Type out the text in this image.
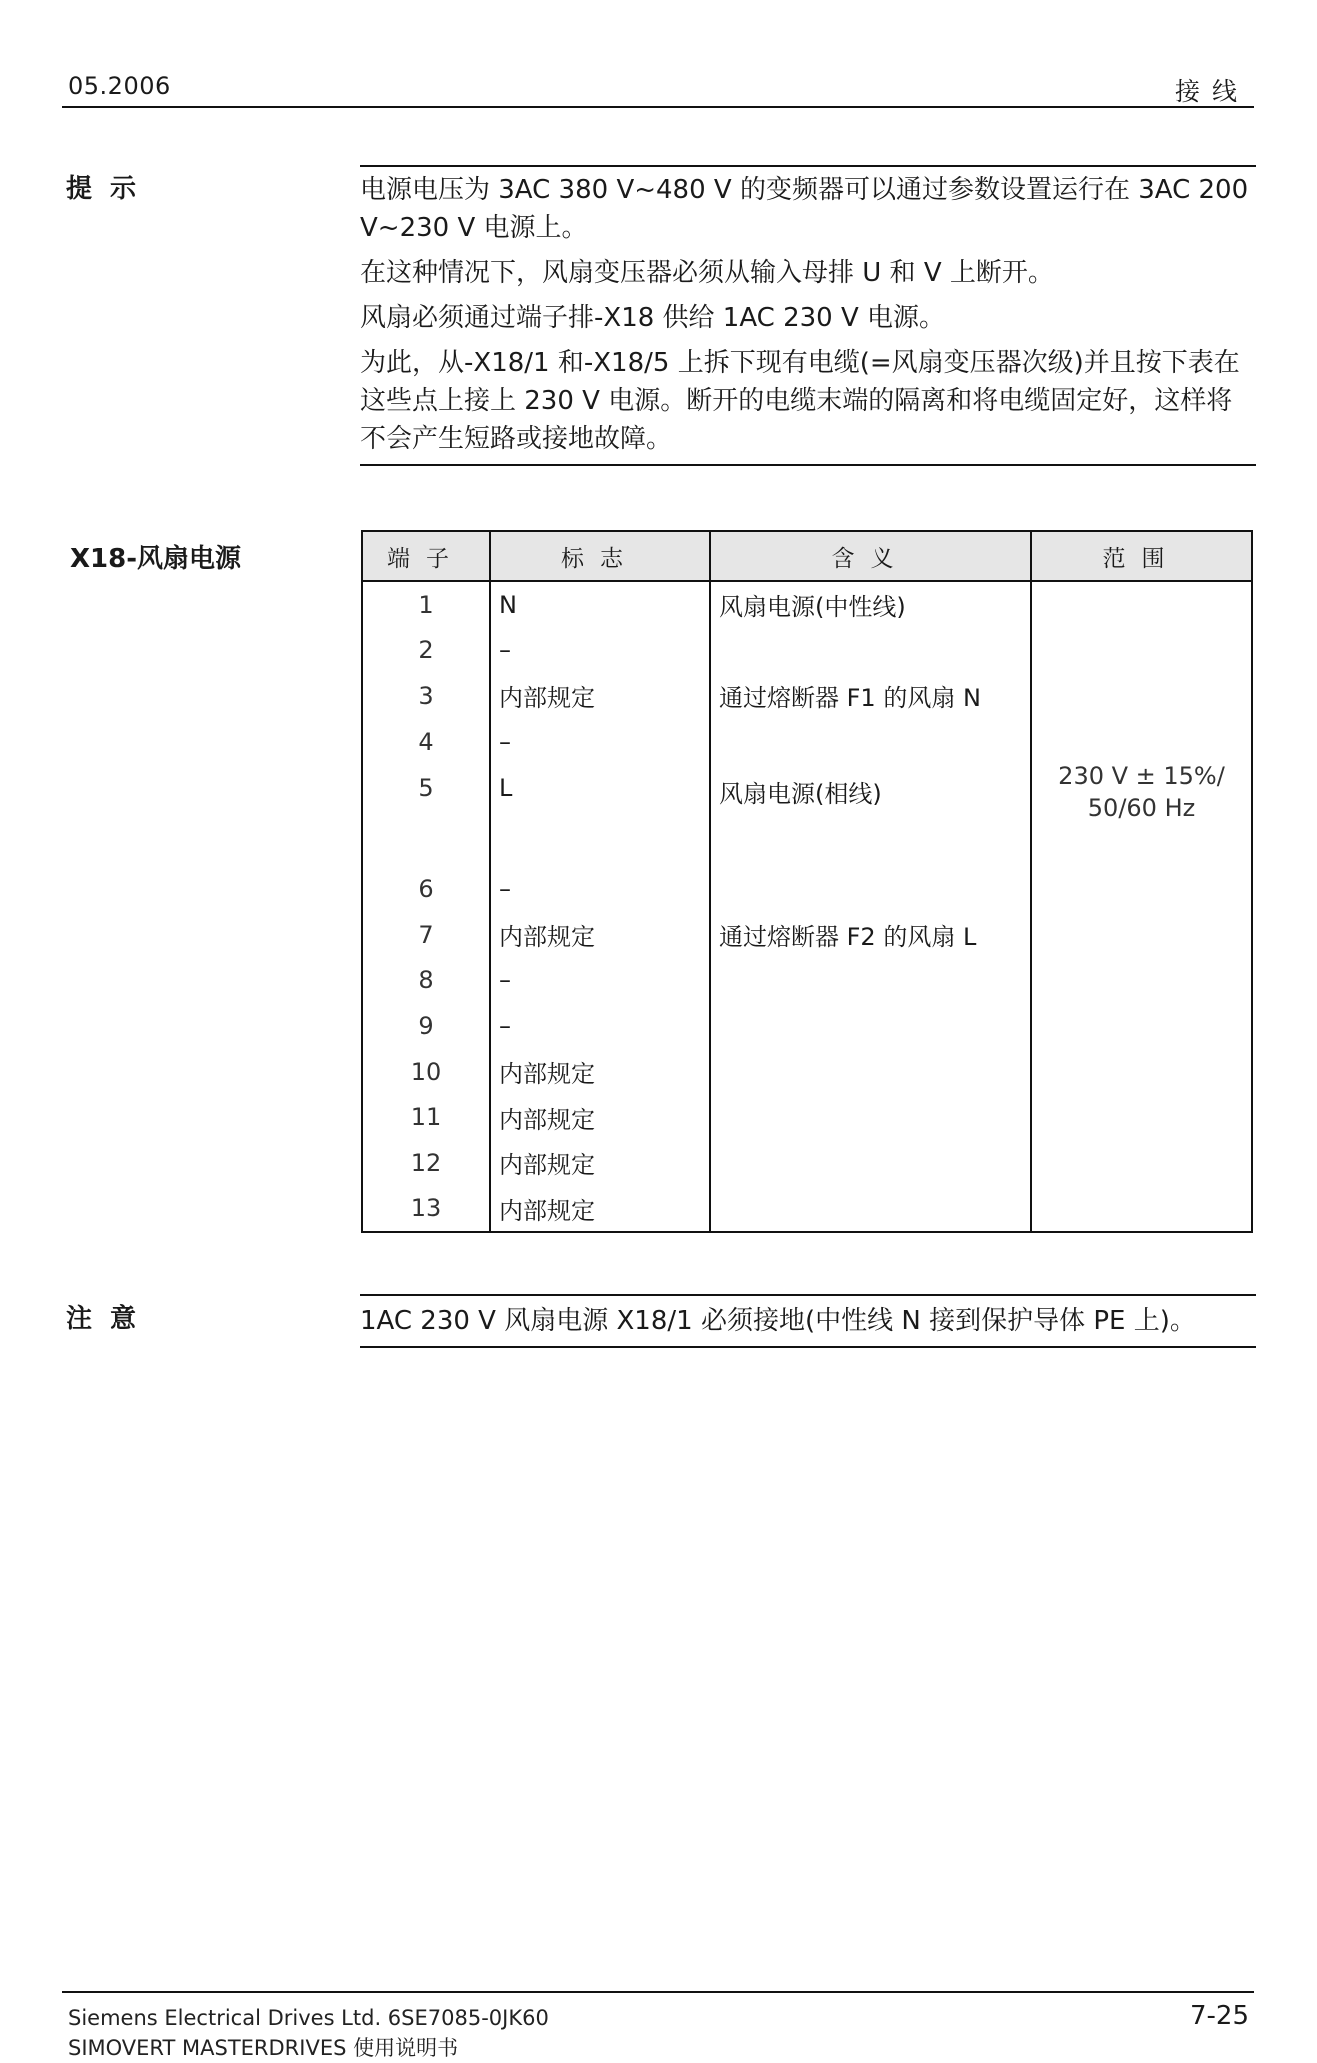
05.2006	接线
提示	电源电压为 3AC 380 V~480 V 的变频器可以通过参数设置运行在 3AC 200 V~230 V 电源上。

在这种情况下，风扇变压器必须从输入母排 U 和 V 上断开。

风扇必须通过端子排-X18 供给 1AC 230 V 电源。

为此，从-X18/1 和-X18/5 上拆下现有电缆(=风扇变压器次级)并且按下表在这些点上接上 230 V 电源。断开的电缆末端的隔离和将电缆固定好，这样将不会产生短路或接地故障。

X18-风扇电源	端子	标志	含义	范围
1	N	风扇电源(中性线)	230 V ± 15%/
50/60 Hz
2	–		
3	内部规定	通过熔断器 F1 的风扇 N	
4	–		
5	L	风扇电源(相线)	
6	–		
7	内部规定	通过熔断器 F2 的风扇 L	
8	–		
9	–		
10	内部规定		
11	内部规定		
12	内部规定		
13	内部规定		
注意	1AC 230 V 风扇电源 X18/1 必须接地(中性线 N 接到保护导体 PE 上)。

Siemens Electrical Drives Ltd. 6SE7085-0JK60
SIMOVERT MASTERDRIVES 使用说明书
7-25
